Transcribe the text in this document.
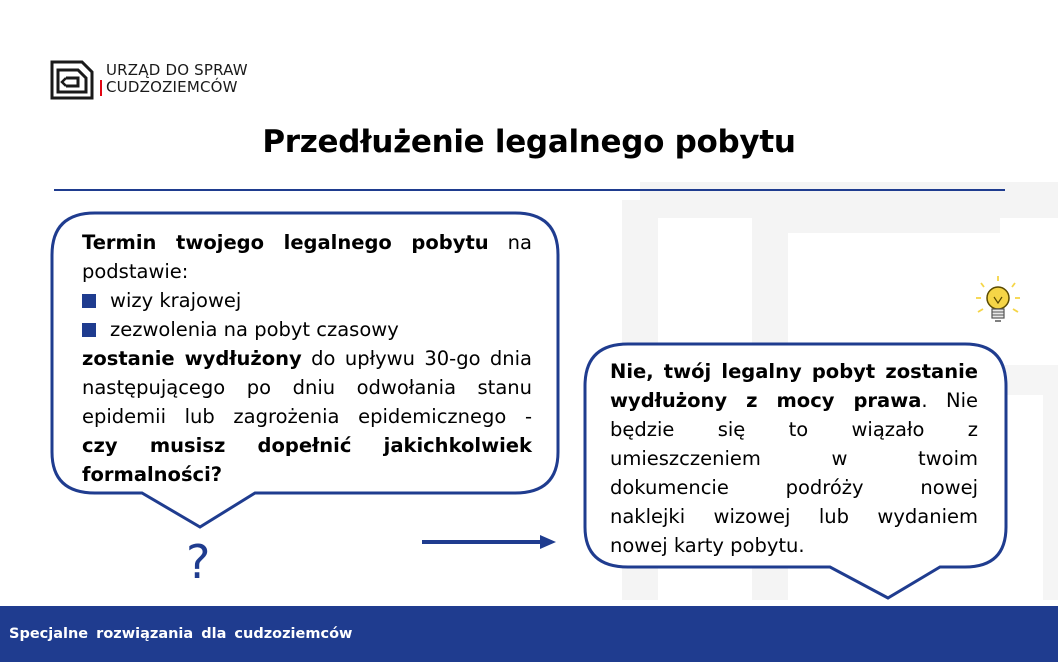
URZĄD DO SPRAW
CUDZOZIEMCÓW
Przedłużenie legalnego pobytu
Termin twojego legalnego pobytu na
podstawie:
wizy krajowej
zezwolenia na pobyt czasowy
zostanie wydłużony do upływu 30-go dnia
następującego po dniu odwołania stanu
epidemii lub zagrożenia epidemicznego -
czy musisz dopełnić jakichkolwiek
formalności?
?
Nie, twój legalny pobyt zostanie
wydłużony z mocy prawa. Nie
będzie się to wiązało z
umieszczeniem w twoim
dokumencie podróży nowej
naklejki wizowej lub wydaniem
nowej karty pobytu.
Specjalne rozwiązania dla cudzoziemców
